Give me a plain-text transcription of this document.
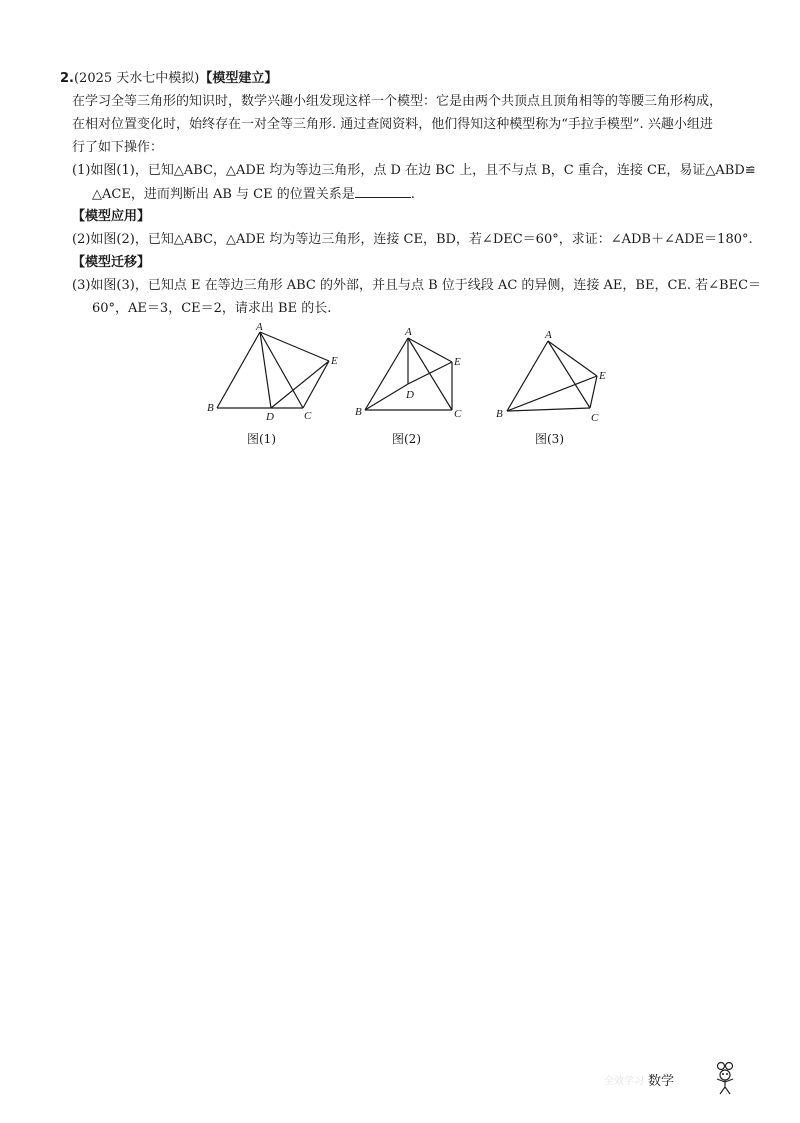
2.(2025 天水七中模拟)【模型建立】
在学习全等三角形的知识时，数学兴趣小组发现这样一个模型：它是由两个共顶点且顶角相等的等腰三角形构成，
在相对位置变化时，始终存在一对全等三角形. 通过查阅资料，他们得知这种模型称为“手拉手模型”. 兴趣小组进
行了如下操作：
(1)如图(1)，已知△ABC，△ADE 均为等边三角形，点 D 在边 BC 上，且不与点 B，C 重合，连接 CE，易证△ABD≌
△ACE，进而判断出 AB 与 CE 的位置关系是	.
【模型应用】
(2)如图(2)，已知△ABC，△ADE 均为等边三角形，连接 CE，BD，若∠DEC＝60°，求证：∠ADB＋∠ADE＝180°.
【模型迁移】
(3)如图(3)，已知点 E 在等边三角形 ABC 的外部，并且与点 B 位于线段 AC 的异侧，连接 AE，BE，CE. 若∠BEC＝
60°，AE＝3，CE＝2，请求出 BE 的长.
A
B
C
D
E
图(1)
A
B	C
D
E
图(2)
A
B	C
E
图(3)
全效学习 数学
